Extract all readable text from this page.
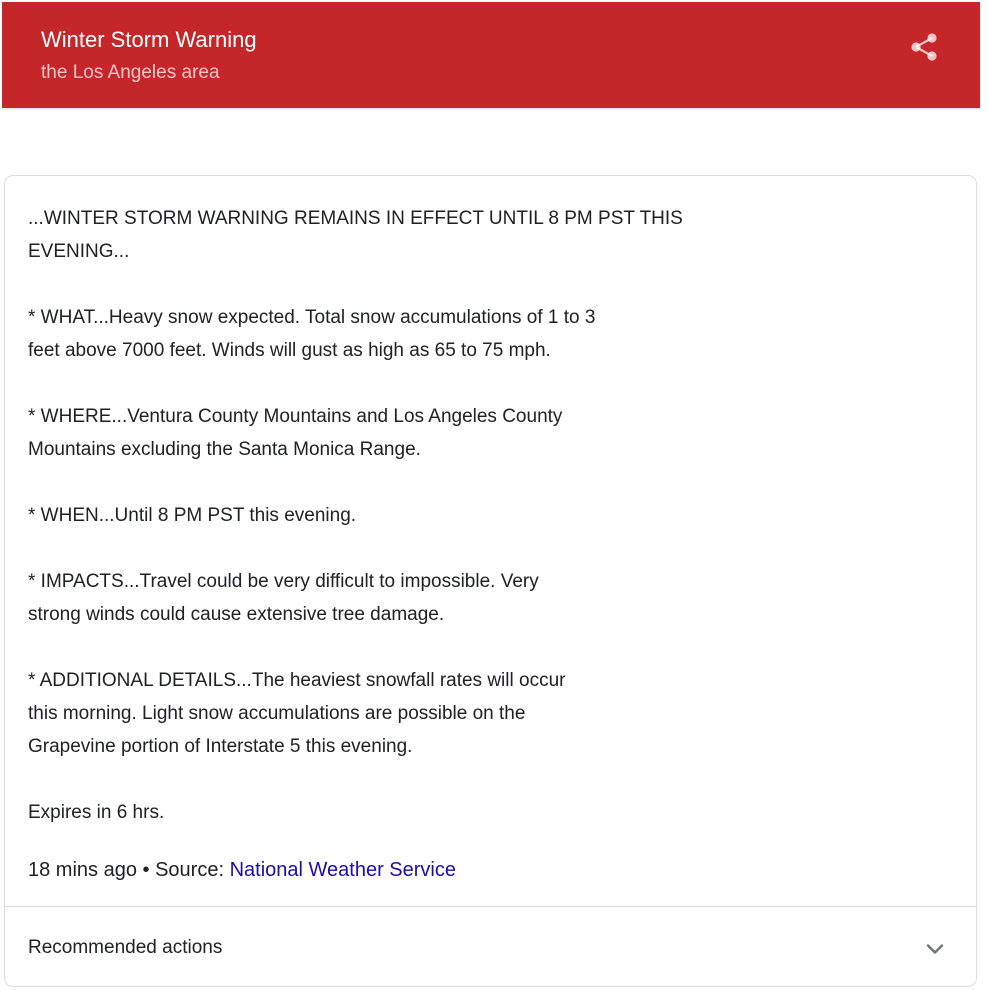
Winter Storm Warning
the Los Angeles area

...WINTER STORM WARNING REMAINS IN EFFECT UNTIL 8 PM PST THIS
EVENING...

* WHAT...Heavy snow expected. Total snow accumulations of 1 to 3
feet above 7000 feet. Winds will gust as high as 65 to 75 mph.

* WHERE...Ventura County Mountains and Los Angeles County
Mountains excluding the Santa Monica Range.

* WHEN...Until 8 PM PST this evening.

* IMPACTS...Travel could be very difficult to impossible. Very
strong winds could cause extensive tree damage.

* ADDITIONAL DETAILS...The heaviest snowfall rates will occur
this morning. Light snow accumulations are possible on the
Grapevine portion of Interstate 5 this evening.

Expires in 6 hrs.

18 mins ago • Source: National Weather Service
Recommended actions
